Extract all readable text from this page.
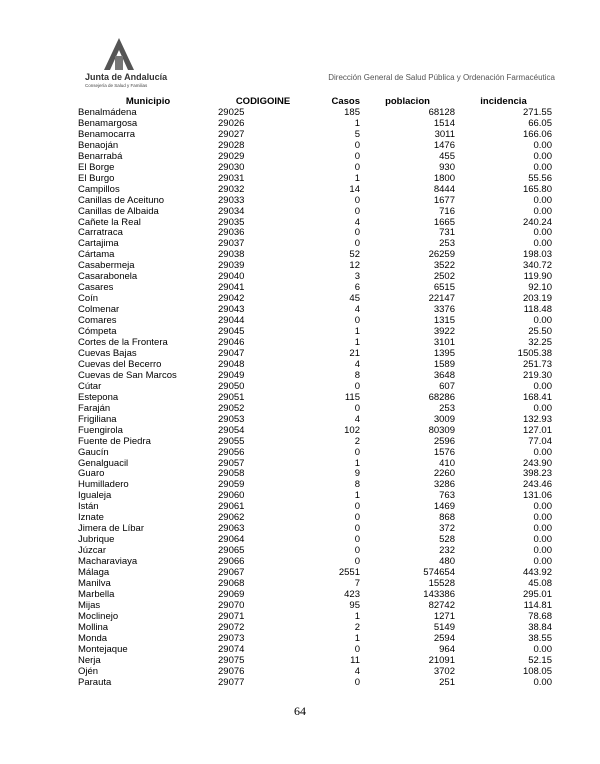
Junta de Andalucía
Consejería de Salud y Familias
Dirección General de Salud Pública y Ordenación Farmacéutica
Municipio	CODIGOINE	Casos	poblacion	incidencia
Benalmádena	29025	185	68128	271.55
Benamargosa	29026	1	1514	66.05
Benamocarra	29027	5	3011	166.06
Benaoján	29028	0	1476	0.00
Benarrabá	29029	0	455	0.00
El Borge	29030	0	930	0.00
El Burgo	29031	1	1800	55.56
Campillos	29032	14	8444	165.80
Canillas de Aceituno	29033	0	1677	0.00
Canillas de Albaida	29034	0	716	0.00
Cañete la Real	29035	4	1665	240.24
Carratraca	29036	0	731	0.00
Cartajima	29037	0	253	0.00
Cártama	29038	52	26259	198.03
Casabermeja	29039	12	3522	340.72
Casarabonela	29040	3	2502	119.90
Casares	29041	6	6515	92.10
Coín	29042	45	22147	203.19
Colmenar	29043	4	3376	118.48
Comares	29044	0	1315	0.00
Cómpeta	29045	1	3922	25.50
Cortes de la Frontera	29046	1	3101	32.25
Cuevas Bajas	29047	21	1395	1505.38
Cuevas del Becerro	29048	4	1589	251.73
Cuevas de San Marcos	29049	8	3648	219.30
Cútar	29050	0	607	0.00
Estepona	29051	115	68286	168.41
Faraján	29052	0	253	0.00
Frigiliana	29053	4	3009	132.93
Fuengirola	29054	102	80309	127.01
Fuente de Piedra	29055	2	2596	77.04
Gaucín	29056	0	1576	0.00
Genalguacil	29057	1	410	243.90
Guaro	29058	9	2260	398.23
Humilladero	29059	8	3286	243.46
Igualeja	29060	1	763	131.06
Istán	29061	0	1469	0.00
Iznate	29062	0	868	0.00
Jimera de Líbar	29063	0	372	0.00
Jubrique	29064	0	528	0.00
Júzcar	29065	0	232	0.00
Macharaviaya	29066	0	480	0.00
Málaga	29067	2551	574654	443.92
Manilva	29068	7	15528	45.08
Marbella	29069	423	143386	295.01
Mijas	29070	95	82742	114.81
Moclinejo	29071	1	1271	78.68
Mollina	29072	2	5149	38.84
Monda	29073	1	2594	38.55
Montejaque	29074	0	964	0.00
Nerja	29075	11	21091	52.15
Ojén	29076	4	3702	108.05
Parauta	29077	0	251	0.00
64
